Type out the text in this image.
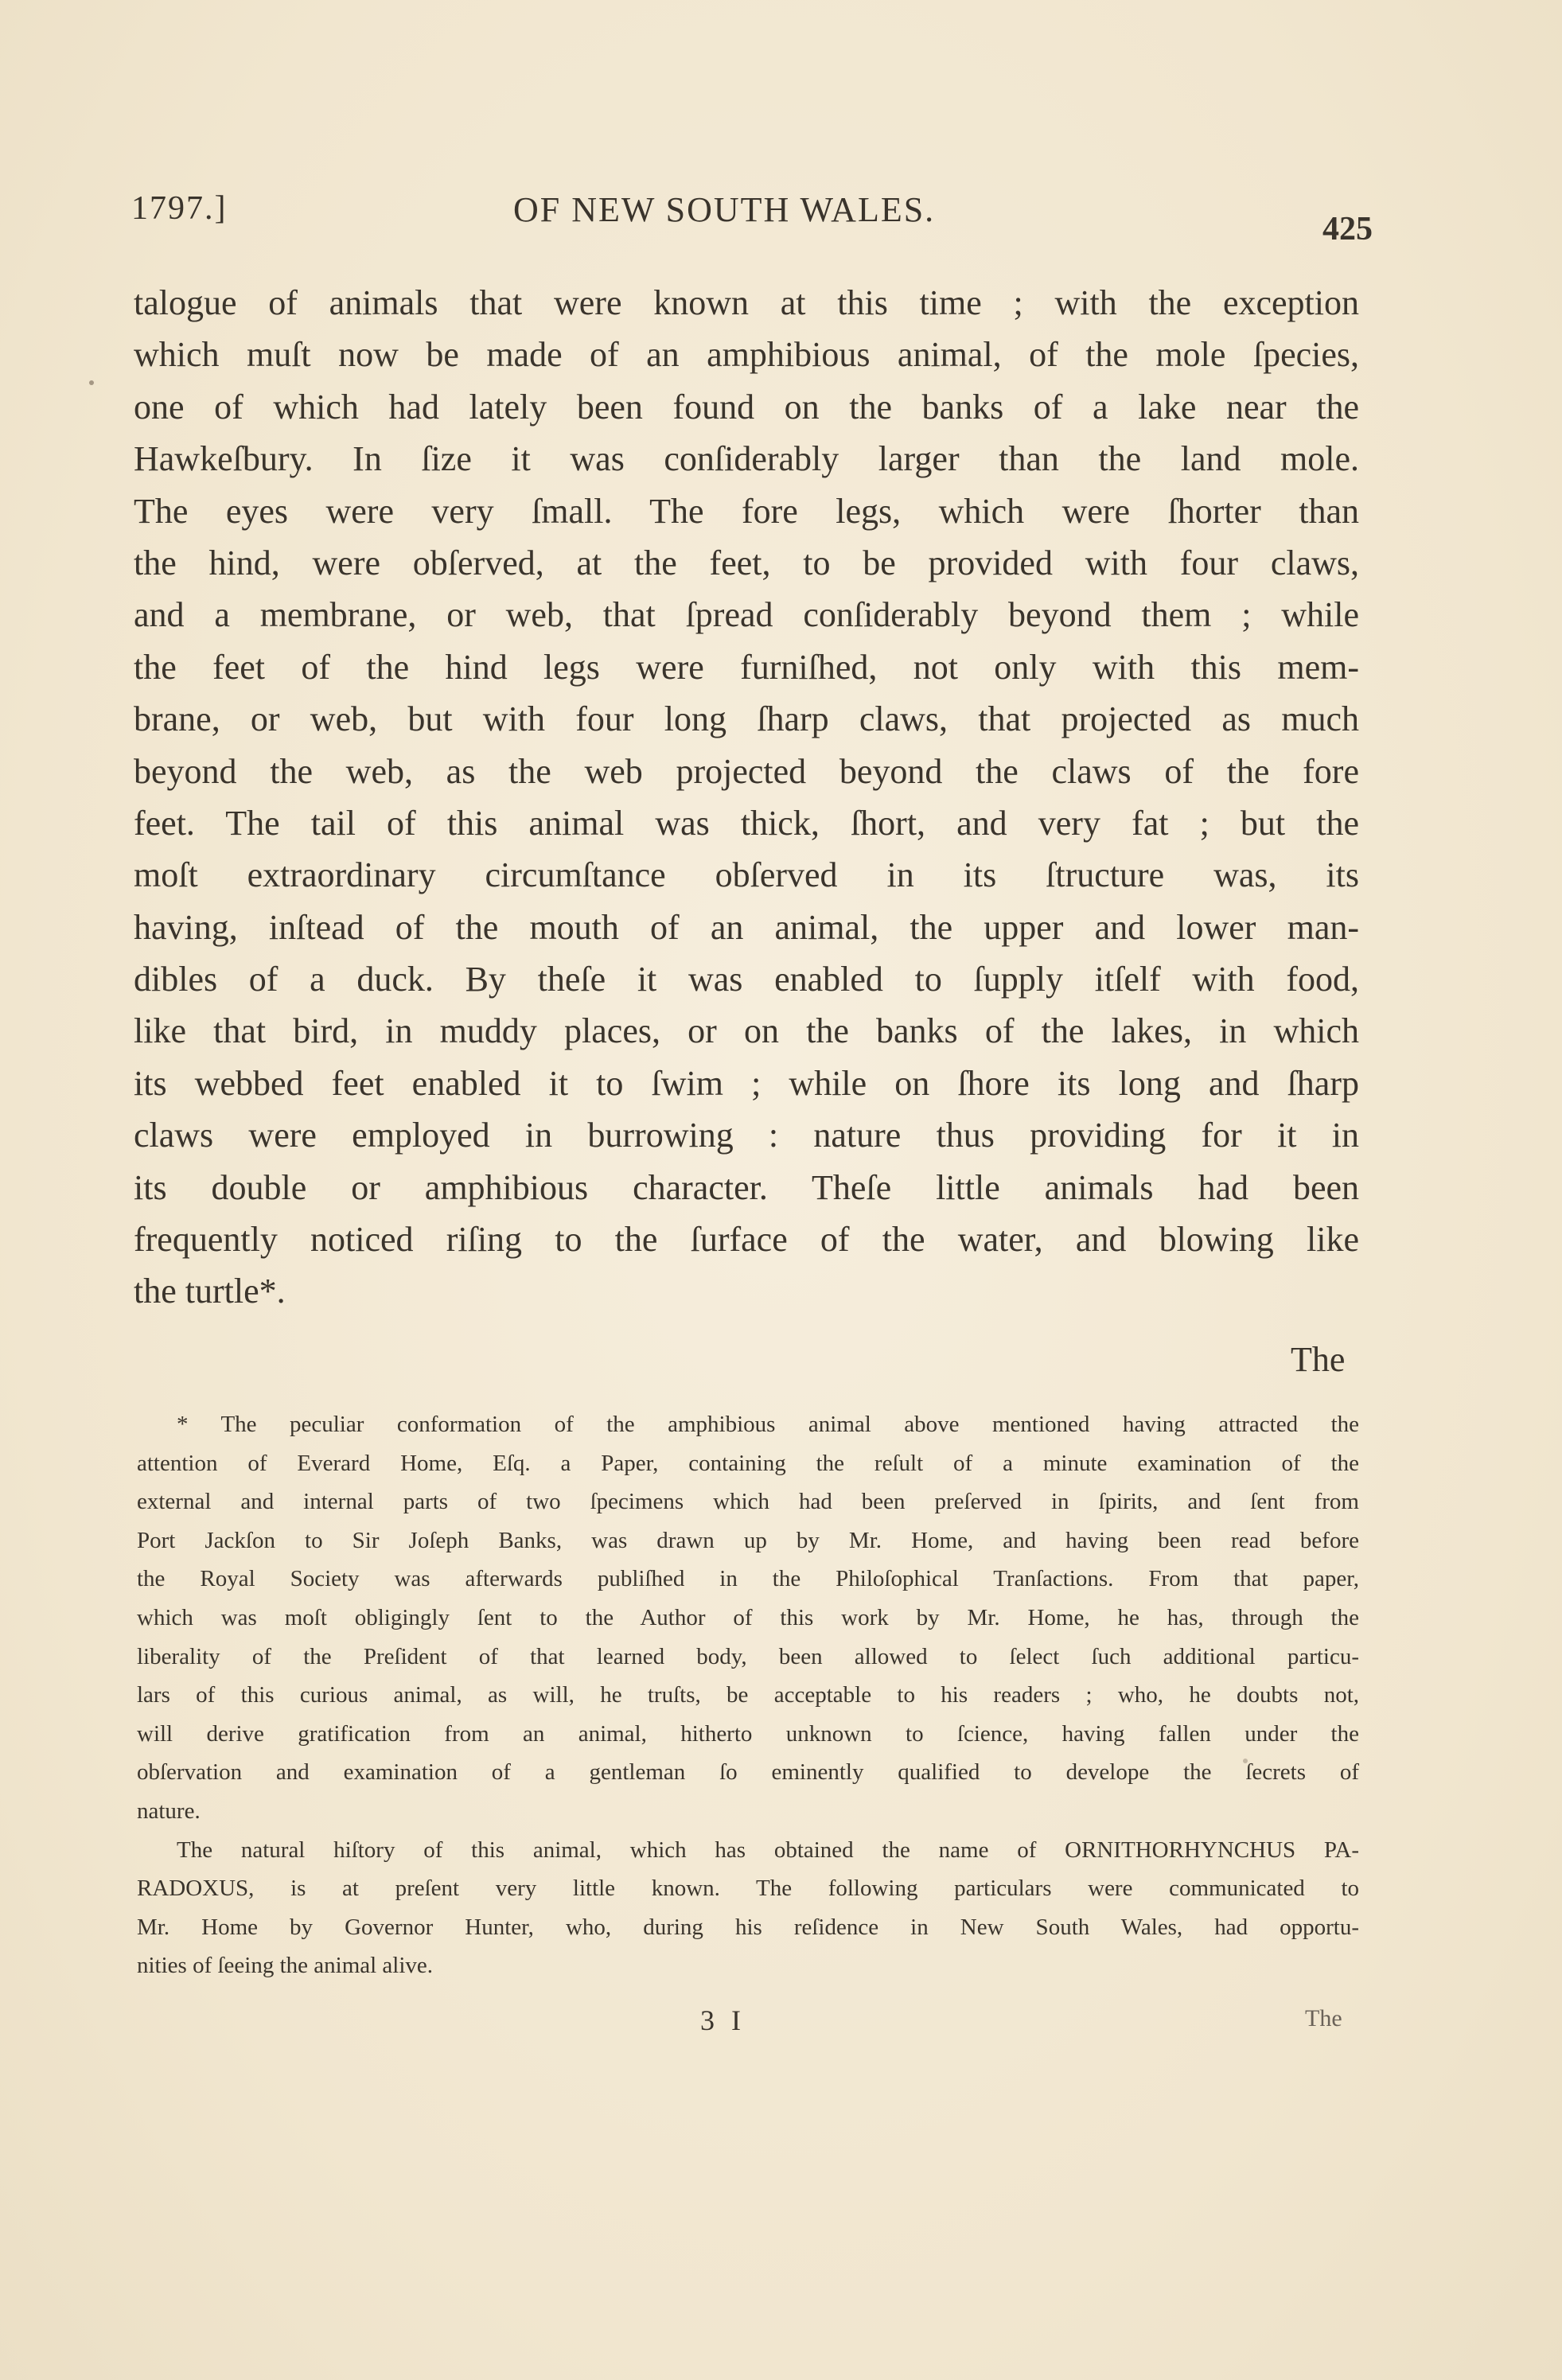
1797.]	OF NEW SOUTH WALES.	425
talogue of animals that were known at this time ; with the exception
which muſt now be made of an amphibious animal, of the mole ſpecies,
one of which had lately been found on the banks of a lake near the
Hawkeſbury. In ſize it was conſiderably larger than the land mole.
The eyes were very ſmall. The fore legs, which were ſhorter than
the hind, were obſerved, at the feet, to be provided with four claws,
and a membrane, or web, that ſpread conſiderably beyond them ; while
the feet of the hind legs were furniſhed, not only with this mem-
brane, or web, but with four long ſharp claws, that projected as much
beyond the web, as the web projected beyond the claws of the fore
feet. The tail of this animal was thick, ſhort, and very fat ; but the
moſt extraordinary circumſtance obſerved in its ſtructure was, its
having, inſtead of the mouth of an animal, the upper and lower man-
dibles of a duck. By theſe it was enabled to ſupply itſelf with food,
like that bird, in muddy places, or on the banks of the lakes, in which
its webbed feet enabled it to ſwim ; while on ſhore its long and ſharp
claws were employed in burrowing : nature thus providing for it in
its double or amphibious character. Theſe little animals had been
frequently noticed riſing to the ſurface of the water, and blowing like
the turtle*.
The
* The peculiar conformation of the amphibious animal above mentioned having attracted the
attention of Everard Home, Eſq. a Paper, containing the reſult of a minute examination of the
external and internal parts of two ſpecimens which had been preſerved in ſpirits, and ſent from
Port Jackſon to Sir Joſeph Banks, was drawn up by Mr. Home, and having been read before
the Royal Society was afterwards publiſhed in the Philoſophical Tranſactions. From that paper,
which was moſt obligingly ſent to the Author of this work by Mr. Home, he has, through the
liberality of the Preſident of that learned body, been allowed to ſelect ſuch additional particu-
lars of this curious animal, as will, he truſts, be acceptable to his readers ; who, he doubts not,
will derive gratification from an animal, hitherto unknown to ſcience, having fallen under the
obſervation and examination of a gentleman ſo eminently qualified to develope the ſecrets of
nature.
The natural hiſtory of this animal, which has obtained the name of ORNITHORHYNCHUS PA-
RADOXUS, is at preſent very little known. The following particulars were communicated to
Mr. Home by Governor Hunter, who, during his reſidence in New South Wales, had opportu-
nities of ſeeing the animal alive.
3 I	The
